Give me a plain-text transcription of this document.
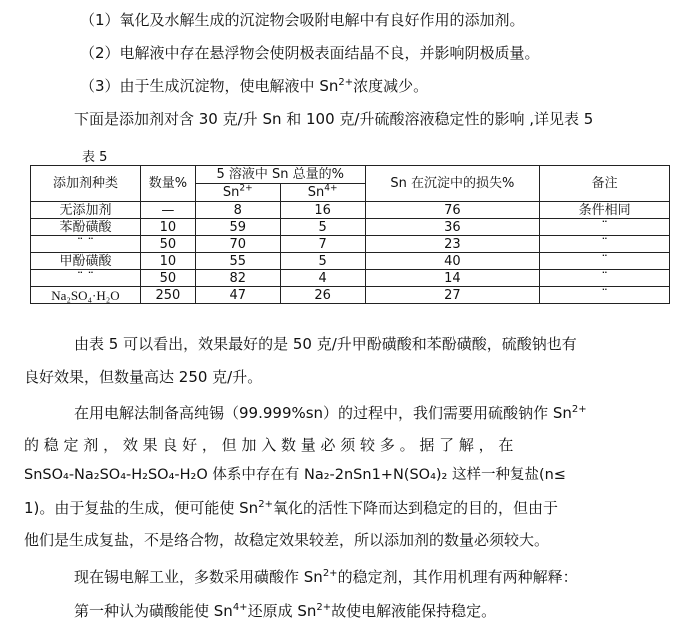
（1）氧化及水解生成的沉淀物会吸附电解中有良好作用的添加剂。
（2）电解液中存在悬浮物会使阴极表面结晶不良，并影响阴极质量。
（3）由于生成沉淀物，使电解液中 $Sn^{2+}$浓度减少。
下面是添加剂对含 30 克/升 Sn 和 100 克/升硫酸溶液稳定性的影响 ,详见表 5
表 5
添加剂种类	数量%	5 溶液中 Sn 总量的%		Sn 在沉淀中的损失%	备注
		$Sn^{2+}$	$Sn^{4+}$
无添加剂	—	8	16	76	条件相同
苯酚磺酸	10	59	5	36	¨
¨ ¨	50	70	7	23	¨
甲酚磺酸	10	55	5	40	¨
¨ ¨	50	82	4	14	¨
Na₂SO₄·H₂O	250	47	26	27	¨
由表 5 可以看出，效果最好的是 50 克/升甲酚磺酸和苯酚磺酸，硫酸钠也有
良好效果，但数量高达 250 克/升。
在用电解法制备高纯锡（99.999%sn）的过程中，我们需要用硫酸钠作 $Sn^{2+}$
的 稳 定 剂 ， 效 果 良 好 ， 但 加 入 数 量 必 须 较 多 。 据 了 解 ， 在
SnSO₄-Na₂SO₄-H₂SO₄-H₂O 体系中存在有 Na₂-2nSn1+N(SO₄)₂ 这样一种复盐(n≤
1)。由于复盐的生成，便可能使 $Sn^{2+}$氧化的活性下降而达到稳定的目的，但由于
他们是生成复盐，不是络合物，故稳定效果较差，所以添加剂的数量必须较大。
现在锡电解工业，多数采用磺酸作 $Sn^{2+}$的稳定剂，其作用机理有两种解释：
第一种认为磺酸能使 $Sn^{4+}$还原成 $Sn^{2+}$故使电解液能保持稳定。
